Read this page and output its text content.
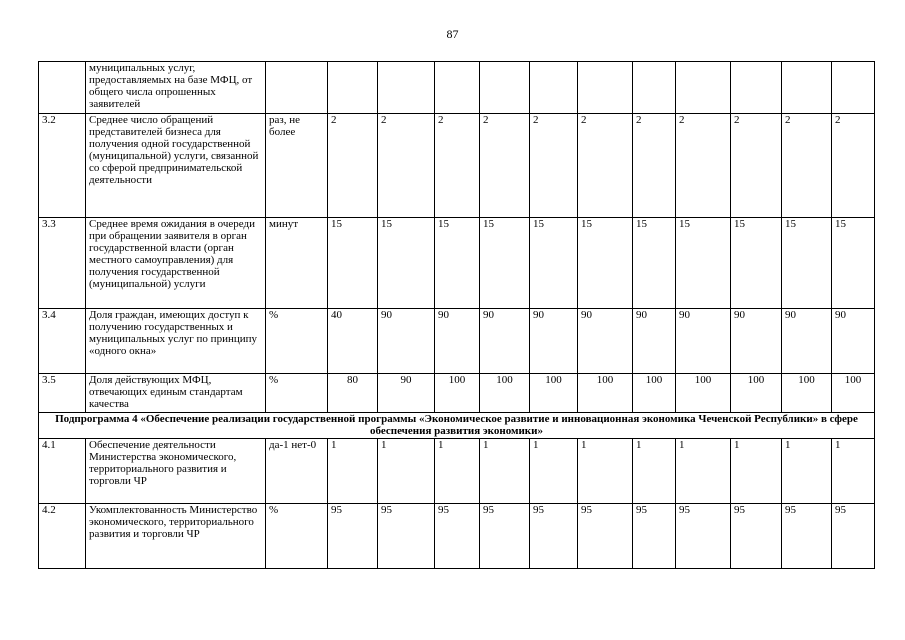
87
	муниципальных услуг, предоставляемых на базе МФЦ, от общего числа опрошенных заявителей												
3.2	Среднее число обращений представителей бизнеса для получения одной государственной (муниципальной) услуги, связанной со сферой предпринимательской деятельности	раз, не более	2	2	2	2	2	2	2	2	2	2	2
3.3	Среднее время ожидания в очереди при обращении заявителя в орган государственной власти (орган местного самоуправления) для получения государственной (муниципальной) услуги	минут	15	15	15	15	15	15	15	15	15	15	15
3.4	Доля граждан, имеющих доступ к получению государственных и муниципальных услуг по принципу «одного окна»	%	40	90	90	90	90	90	90	90	90	90	90
3.5	Доля действующих МФЦ, отвечающих единым стандартам качества	%	80	90	100	100	100	100	100	100	100	100	100
Подпрограмма 4 «Обеспечение реализации государственной программы «Экономическое развитие и инновационная экономика Чеченской Республики» в сфере обеспечения развития экономики»													
4.1	Обеспечение деятельности Министерства экономического, территориального развития и торговли ЧР	да-1 нет-0	1	1	1	1	1	1	1	1	1	1	1
4.2	Укомплектованность Министерство экономического, территориального развития и торговли ЧР	%	95	95	95	95	95	95	95	95	95	95	95
